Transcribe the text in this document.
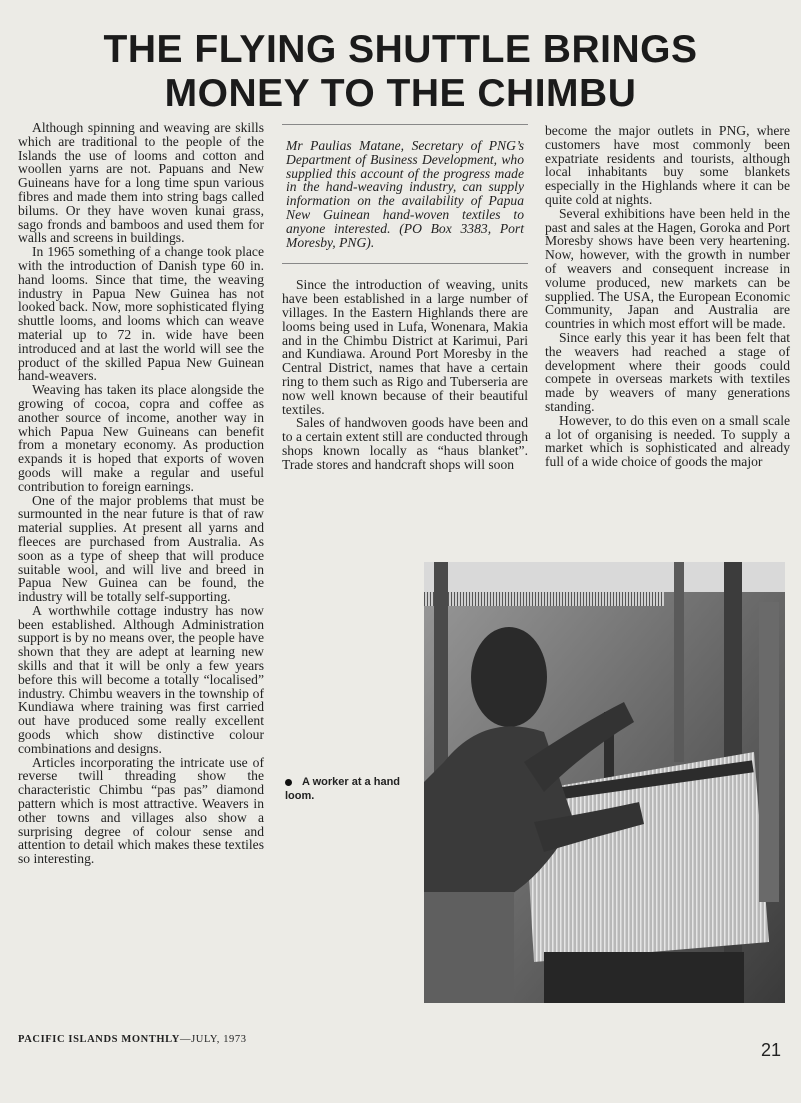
THE FLYING SHUTTLE BRINGS
MONEY TO THE CHIMBU

Although spinning and weaving are skills which are traditional to the people of the Islands the use of looms and cotton and woollen yarns are not. Papuans and New Guineans have for a long time spun various fibres and made them into string bags called bilums. Or they have woven kunai grass, sago fronds and bamboos and used them for walls and screens in buildings.

In 1965 something of a change took place with the introduction of Danish type 60 in. hand looms. Since that time, the weaving industry in Papua New Guinea has not looked back. Now, more sophisticated flying shuttle looms, and looms which can weave material up to 72 in. wide have been introduced and at last the world will see the product of the skilled Papua New Guinean hand-weavers.

Weaving has taken its place alongside the growing of cocoa, copra and coffee as another source of income, another way in which Papua New Guineans can benefit from a monetary economy. As production expands it is hoped that exports of woven goods will make a regular and useful contribution to foreign earnings.

One of the major problems that must be surmounted in the near future is that of raw material supplies. At present all yarns and fleeces are purchased from Australia. As soon as a type of sheep that will produce suitable wool, and will live and breed in Papua New Guinea can be found, the industry will be totally self-supporting.

A worthwhile cottage industry has now been established. Although Administration support is by no means over, the people have shown that they are adept at learning new skills and that it will be only a few years before this will become a totally “localised” industry. Chimbu weavers in the township of Kundiawa where training was first carried out have produced some really excellent goods which show distinctive colour combinations and designs.

Articles incorporating the intricate use of reverse twill threading show the characteristic Chimbu “pas pas” diamond pattern which is most attractive. Weavers in other towns and villages also show a surprising degree of colour sense and attention to detail which makes these textiles so interesting.

Mr Paulias Matane, Secretary of PNG’s Department of Business Development, who supplied this account of the progress made in the hand-weaving industry, can supply information on the availability of Papua New Guinean hand-woven textiles to anyone interested. (PO Box 3383, Port Moresby, PNG).

Since the introduction of weaving, units have been established in a large number of villages. In the Eastern Highlands there are looms being used in Lufa, Wonenara, Makia and in the Chimbu District at Karimui, Pari and Kundiawa. Around Port Moresby in the Central District, names that have a certain ring to them such as Rigo and Tuberseria are now well known because of their beautiful textiles.

Sales of handwoven goods have been and to a certain extent still are conducted through shops known locally as “haus blanket”. Trade stores and handcraft shops will soon

become the major outlets in PNG, where customers have most commonly been expatriate residents and tourists, although local inhabitants buy some blankets especially in the Highlands where it can be quite cold at nights.

Several exhibitions have been held in the past and sales at the Hagen, Goroka and Port Moresby shows have been very heartening. Now, however, with the growth in number of weavers and consequent increase in volume produced, new markets can be supplied. The USA, the European Economic Community, Japan and Australia are countries in which most effort will be made.

Since early this year it has been felt that the weavers had reached a stage of development where their goods could compete in overseas markets with textiles made by weavers of many generations standing.

However, to do this even on a small scale a lot of organising is needed. To supply a market which is sophisticated and already full of a wide choice of goods the major

A worker at a hand loom.
PACIFIC ISLANDS MONTHLY—JULY, 1973
21
